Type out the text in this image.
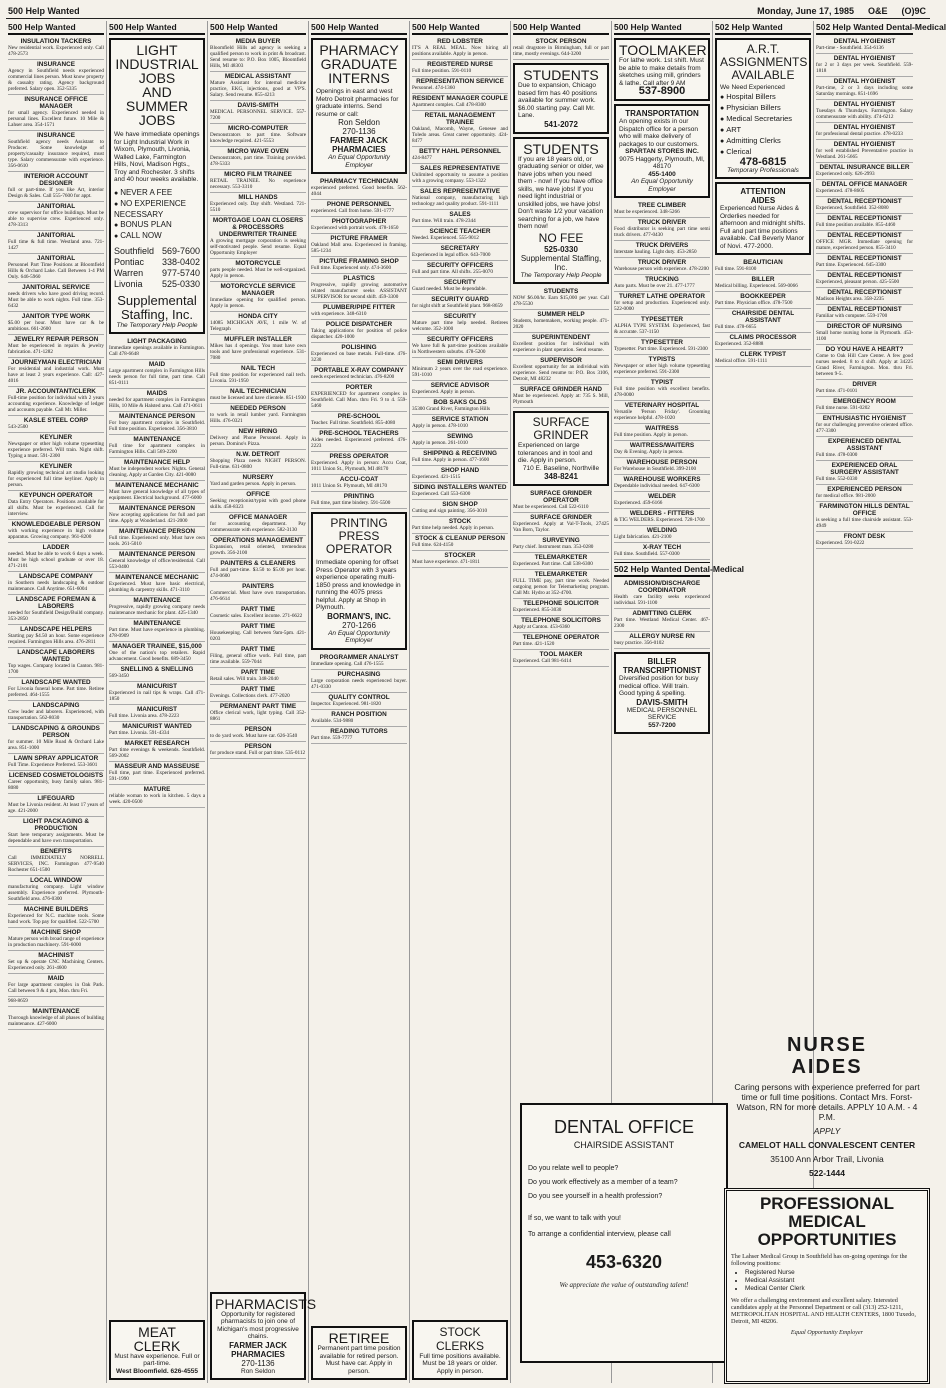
500 Help Wanted	Monday, June 17, 1985 O&E (O)9C
500 Help Wanted
INSULATION TACKERS
New residential work. Experienced only. Call 478-2573
INSURANCE
Agency in Southfield needs experienced commercial lines person. Must know property & casualty rating. Agency background preferred. Salary open. 352-5335
INSURANCE OFFICE MANAGER
for small agency. Experienced needed in personal lines. Excellent future. 10 Mile & Lahser area. 354-1571
INSURANCE
Southfield agency needs Assistant to Producer. Some knowledge of property/casualty insurance required, must type. Salary commensurate with experience. 356-0610
INTERIOR ACCOUNT DESIGNER
full or part-time. If you like Art, interior Design & Sales. Call 555-7600 for appt.
JANITORIAL
crew supervisor for office buildings. Must be able to supervise crew. Experienced only. 478-3313
JANITORIAL
Full time & full time. Westland area. 721-1427
JANITORIAL
Personnel Part Time Positions at Bloomfield Hills & Orchard Lake. Call Between 1-4 PM Only. 646-5960
JANITORIAL SERVICE
needs drivers who have good driving record. Must be able to work nights. Full time. 353-6432
JANITOR TYPE WORK
$5.00 per hour. Must have car & be ambitious. 661-2600
JEWELRY REPAIR PERSON
Must be experienced in repairs & jewelry fabrication. 471-1282
JOURNEYMAN ELECTRICIAN
For residential and industrial work. Must have at least 2 years experience. Call: 427-4016
JR. ACCOUNTANT/CLERK
Full-time position for individual with 2 years accounting experience. Knowledge of ledger and accounts payable. Call Mr. Miller.
KASLE STEEL CORP
543-2500
KEYLINER
Newspaper or other high volume typesetting experience preferred. Will train. Night shift. Typing a must. 591-2300
KEYLINER
Rapidly growing technical art studio looking for experienced full time keyliner. Apply in person.
KEYPUNCH OPERATOR
Data Entry Operators. Positions available for all shifts. Must be experienced. Call for interview.
KNOWLEDGEABLE PERSON
with working experience in high volume apparatus. Growing company. 961-8200
LADDER
needed. Must be able to work 6 days a week. Must be high school graduate or over 18. 471-2101
LANDSCAPE COMPANY
in Southern needs landscaping & outdoor maintenance. Call Anytime. 651-6004
LANDSCAPE FOREMAN & LABORERS
needed for Southfield Design/Build company. 353-2850
LANDSCAPE HELPERS
Starting pay $4.50 an hour. Some experience required. Farmington Hills area. 476-2811
LANDSCAPE LABORERS WANTED
Top wages. Company located in Canton. 981-1700
LANDSCAPE WANTED
For Livonia funeral home. Part time. Retiree preferred. 464-1555
LANDSCAPING
Crew leader and laborers. Experienced, with transportation. 562-8030
LANDSCAPING & GROUNDS PERSON
for summer. 10 Mile Road & Orchard Lake area. 851-1000
LAWN SPRAY APPLICATOR
Full Time. Experience Preferred. 553-3601
LICENSED COSMETOLOGISTS
Career opportunity, busy family salon. 981-8080
LIFEGUARD
Must be Livonia resident. At least 17 years of age. 421-2000
LIGHT PACKAGING & PRODUCTION
Start here temporary assignments. Must be dependable and have own transportation.
BENEFITS
Call IMMEDIATELY NORRELL SERVICES, INC. Farmington 477-9540 Rochester 651-1500
LOCAL WINDOW
manufacturing company. Light window assembly. Experience preferred. Plymouth-Southfield area. 476-0300
MACHINE BUILDERS
Experienced for N.C. machine tools. Some hand work. Top pay for qualified. 522-5700
MACHINE SHOP
Mature person with broad range of experience in production machinery. 591-6000
MACHINIST
Set up & operate CNC Machining Centers. Experienced only. 261-4600
MAID
For large apartment complex in Oak Park. Call between 9 & 4 pm, Mon. thru Fri.
968-8659
MAINTENANCE
Thorough knowledge of all phases of building maintenance. 427-6000
500 Help Wanted
LIGHT
INDUSTRIAL
JOBS
AND
SUMMER
JOBS
We have immediate openings for Light Industrial Work in Wixom, Plymouth, Livonia, Walled Lake, Farmington Hills, Novi, Madison Hgts., Troy and Rochester. 3 shifts and 40 hour weeks available.
● NEVER A FEE
● NO EXPERIENCE NECESSARY
● BONUS PLAN
● CALL NOW
Southfield 569-7600
Pontiac 338-0402
Warren 977-5740
Livonia 525-0330
Supplemental Staffing, Inc.
The Temporary Help People
LIGHT PACKAGING
Immediate openings available in Farmington. Call 478-6648
MAID
Large apartment complex in Farmington Hills needs person for full time, part time. Call 851-0111
MAIDS
needed for apartment complex in Farmington Hills, 10 Mile & Halsted area. Call 471-0611
MAINTENANCE PERSON
For busy apartment complex in Southfield. Full time position. Experienced. 356-3810
MAINTENANCE
Full time for apartment complex in Farmington Hills. Call 569-2200
MAINTENANCE HELP
Must be independent worker. Nights. General cleaning. Apply at Garden City. 421-0080
MAINTENANCE MECHANIC
Must have general knowledge of all types of equipment. Electrical background. 477-6000
MAINTENANCE PERSON
Now accepting applications for full and part time. Apply at Wonderland. 421-2000
MAINTENANCE PERSON
Full time. Experienced only. Must have own tools. 261-5010
MAINTENANCE PERSON
General knowledge of office/residential. Call 553-0400
MAINTENANCE MECHANIC
Experienced. Must have basic electrical, plumbing & carpentry skills. 471-3110
MAINTENANCE
Progressive, rapidly growing company needs maintenance mechanic for plant. 425-1340
MAINTENANCE
Part time. Must have experience in plumbing. 478-0909
MANAGER TRAINEE, $15,000
One of the nation's top retailers. Rapid advancement. Good benefits. 689-3450
SNELLING & SNELLING
569-3450
MANICURIST
Experienced in nail tips & wraps. Call 471-1850
MANICURIST
Full time. Livonia area. 478-2223
MANICURIST WANTED
Part time. Livonia. 591-4334
MARKET RESEARCH
Part time evenings & weekends. Southfield. 569-2002
MASSEUR AND MASSEUSE
Full time, part time. Experienced preferred. 591-1990
MATURE
reliable woman to work in kitchen. 5 days a week. 420-0500
MEAT CLERK
Must have experience. Full or part-time.
West Bloomfield. 626-4555
500 Help Wanted
MEDIA BUYER
Bloomfield Hills ad agency is seeking a qualified person to work in print & broadcast. Send resume to: P.O. Box 1005, Bloomfield Hills, MI 48303
MEDICAL ASSISTANT
Mature Assistant for internal medicine practice, EKG, injections, good at VP'S. Salary. Send resume. 855-4213
DAVIS-SMITH
MEDICAL PERSONNEL SERVICE. 557-7200
MICRO-COMPUTER
Demonstrators to part time. Software knowledge required. 421-5553
MICRO WAVE OVEN
Demonstrators, part time. Training provided. 478-5333
MICRO FILM TRAINEE
RETAIL TRAINEE. No experience necessary. 553-3310
MILL HANDS
Experienced only. Day shift. Westland. 721-5510
MORTGAGE LOAN CLOSERS & PROCESSORS UNDERWRITER TRAINEE
A growing mortgage corporation is seeking self-motivated people. Send resume. Equal Opportunity Employer
MOTORCYCLE
parts people needed. Must be well-organized. Apply in person.
MOTORCYCLE SERVICE MANAGER
Immediate opening for qualified person. Apply in person.
HONDA CITY
14085 MICHIGAN AVE, 1 mile W. of Telegraph
MUFFLER INSTALLER
Mikes has 4 openings. You must have own tools and have professional experience. 531-7080
NAIL TECH
Full time position for experienced nail tech. Livonia. 591-1950
NAIL TECHNICIAN
must be licensed and have clientele. 851-1930
NEEDED PERSON
to work in retail lumber yard. Farmington Hills. 476-0321
NEW HIRING
Delivery and Phone Personnel. Apply in person. Domino's Pizza.
N.W. DETROIT
Shopping Plaza needs NIGHT PERSON. Full-time. 631-0800
NURSERY
Yard and garden person. Apply in person.
OFFICE
Seeking receptionist/typist with good phone skills. 458-8323
OFFICE MANAGER
for accounting department. Pay commensurate with experience. 582-3130
OPERATIONS MANAGEMENT
Expansion, retail oriented, tremendous growth. 356-2100
PAINTERS & CLEANERS
Full and part-time. $3.50 to $5.00 per hour. 474-0600
PAINTERS
Commercial. Must have own transportation. 476-6614
PART TIME
Cosmetic sales. Excellent income. 271-6622
PART TIME
Housekeeping. Call between 9am-5pm. 421-0203
PART TIME
Filing, general office work. Full time, part time available. 559-7044
PART TIME
Retail sales. Will train. 348-2040
PART TIME
Evenings. Collections clerk. 477-2020
PERMANENT PART TIME
Office clerical work, light typing. Call 352-8861
PERSON
to do yard work. Must have car. 626-3540
PERSON
for produce stand. Full or part time. 535-0112
PHARMACISTS
Opportunity for registered pharmacists to join one of Michigan's most progressive chains.
FARMER JACK PHARMACIES
270-1136
Ron Seldon
500 Help Wanted
PHARMACY
GRADUATE
INTERNS
Openings in east and west Metro Detroit pharmacies for graduate interns. Send resume or call:
Ron Seldon
270-1136
FARMER JACK PHARMACIES
An Equal Opportunity Employer
PHARMACY TECHNICIAN
experienced preferred. Good benefits. 562-4044
PHONE PERSONNEL
experienced. Call from home. 591-1777
PHOTOGRAPHER
Experienced with portrait work. 478-1650
PICTURE FRAMER
Oakland Mall area. Experienced in framing. 585-1234
PICTURE FRAMING SHOP
Full time. Experienced only. 474-3600
PLASTICS
Progressive, rapidly growing automotive related manufacturer seeks ASSISTANT SUPERVISOR for second shift. 459-3300
PLUMBER/PIPE FITTER
with experience. 348-6310
POLICE DISPATCHER
Taking applications for position of police dispatcher. 420-1000
POLISHING
Experienced on base metals. Full-time. 476-3230
PORTABLE X-RAY COMPANY
needs experienced technician. 476-8200
PORTER
EXPERIENCED for apartment complex in Southfield. Call Mon. thru Fri. 9 to 4. 559-5460
PRE-SCHOOL
Teacher. Full time. Southfield. 855-4080
PRE-SCHOOL TEACHERS
Aides needed. Experienced preferred. 476-2223
PRESS OPERATOR
Experienced. Apply in person: Accu Coat, 1011 Union St., Plymouth, MI 48170
ACCU-COAT
1011 Union St. Plymouth, MI 48170
PRINTING
Full time, part time bindery. 591-5500
PRINTING
PRESS OPERATOR
Immediate opening for offset Press Operator with 3 years experience operating multi-1850 press and knowledge in running the 4075 press helpful. Apply at Shop in Plymouth.
BORMAN'S, INC.
270-1266
An Equal Opportunity Employer
PROGRAMMER ANALYST
Immediate opening. Call 476-1555
PURCHASING
Large corporation needs experienced buyer. 471-0330
QUALITY CONTROL
Inspector. Experienced. 981-1820
RANCH POSITION
Available. 534-9880
READING TUTORS
Part time. 559-7777
RETIREE
Permanent part time position available for retired person. Must have car. Apply in person.
500 Help Wanted
RED LOBSTER
IT'S A REAL MEAL. Now hiring all positions available. Apply in person.
REGISTERED NURSE
Full time position. 591-0110
REPRESENTATION SERVICE
Personnel. 474-1360
RESIDENT MANAGER COUPLE
Apartment complex. Call 478-8300
RETAIL MANAGEMENT TRAINEE
Oakland, Macomb, Wayne, Genesee and Toledo areas. Great career opportunity. 424-8477
BETTY HAHL PERSONNEL
424-8477
SALES REPRESENTATIVE
Unlimited opportunity to assume a position with a growing company. 553-1322
SALES REPRESENTATIVE
National company, manufacturing high technology and quality product. 591-1111
SALES
Part time. Will train. 478-2344
SCIENCE TEACHER
Needed. Experienced. 555-9012
SECRETARY
Experienced in legal office. 643-7000
SECURITY OFFICERS
Full and part time. All shifts. 255-0070
SECURITY
Guard needed. Must be dependable.
SECURITY GUARD
for night shift at Southfield plant. 968-8659
SECURITY
Mature part time help needed. Retirees welcome. 352-1000
SECURITY OFFICERS
We have full & part-time positions available in Northwestern suburbs. 478-5200
SEMI DRIVERS
Minimum 2 years over the road experience. 591-1010
SERVICE ADVISOR
Experienced. Apply in person.
BOB SAKS OLDS
35300 Grand River, Farmington Hills
SERVICE STATION
Apply in person. 478-1010
SEWING
Apply in person. 261-1010
SHIPPING & RECEIVING
Full time. Apply in person. 477-1600
SHOP HAND
Experienced. 421-1515
SIDING INSTALLERS WANTED
Experienced. Call 553-6300
SIGN SHOP
Cutting and sign painting. 356-3010
STOCK
Part time help needed. Apply in person.
STOCK & CLEANUP PERSON
Full time. 624-4150
STOCKER
Must have experience. 471-1811
STOCK CLERKS
Full time positions available. Must be 18 years or older. Apply in person.
500 Help Wanted
STOCK PERSON
retail drugstore in Birmingham, full or part time, mostly evenings. 644-3200
STUDENTS
Due to expansion, Chicago based firm has 40 positions available for summer work. $6.00 starting pay. Call Mr. Lane.
541-2072
STUDENTS
If you are 18 years old, or graduating senior or older, we have jobs when you need them - now! If you have office skills, we have jobs! If you need light industrial or unskilled jobs, we have jobs! Don't waste 1/2 your vacation searching for a job, we have them now!
NO FEE
525-0330
Supplemental Staffing, Inc.
The Temporary Help People
STUDENTS
NOW $6.00/hr. Earn $15,000 per year. Call 478-5530
SUMMER HELP
Students, homemakers, working people. 471-2020
SUPERINTENDENT
Excellent position for individual with experience in plant operation. Send resume.
SUPERVISOR
Excellent opportunity for an individual with experience. Send resume to: P.O. Box 3106, Detroit, MI 48232
SURFACE GRINDER HAND
Must be experienced. Apply at: 735 S. Mill, Plymouth
SURFACE
GRINDER
Experienced on large tolerances and in tool and die. Apply in person.
710 E. Baseline, Northville
348-8241
SURFACE GRINDER OPERATOR
Must be experienced. Call 522-6110
SURFACE GRINDER
Experienced. Apply at Val-T-Tools, 27425 Van Born, Taylor.
SURVEYING
Party chief. Instrument man. 353-0280
TELEMARKETER
Experienced. Part time. Call 538-6300
TELEMARKETER
FULL TIME pay, part time work. Needed outgoing person for Telemarketing program. Call Mr. Hydro at 352-4700.
TELEPHONE SOLICITOR
Experienced. 855-3030
TELEPHONE SOLICITORS
Apply at Canton. 453-6360
TELEPHONE OPERATOR
Part time. 421-1520
TOOL MAKER
Experienced. Call 981-6414
500 Help Wanted
TOOLMAKER
For lathe work. 1st shift. Must be able to make details from sketches using mill, grinders & lathe. Call after 9 AM
537-8900
TRANSPORTATION
An opening exists in our Dispatch office for a person who will make delivery of packages to our customers.
SPARTAN STORES INC.
9075 Haggerty, Plymouth, MI, 48170
455-1400
An Equal Opportunity Employer
TREE CLIMBER
Must be experienced. 348-5266
TRUCK DRIVER
Food distributor is seeking part time semi truck drivers. 477-0430
TRUCK DRIVERS
Interstate hauling. Light duty. 453-2850
TRUCK DRIVER
Warehouse person with experience. 478-2200
TRUCKING
Auto parts. Must be over 21. 477-1777
TURRET LATHE OPERATOR
for setup and production. Experienced only. 522-0000
TYPESETTER
ALPHA TYPE SYSTEM. Experienced, fast & accurate. 537-1150
TYPESETTER
Typesetter. Part time. Experienced. 591-2300
TYPISTS
Newspaper or other high volume typesetting experience preferred. 591-2300
TYPIST
Full time position with excellent benefits. 478-0000
VETERINARY HOSPITAL
Versatile 'Person Friday'. Grooming experience helpful. 478-1020
WAITRESS
Full time position. Apply in person.
WAITRESS/WAITERS
Day & Evening. Apply in person.
WAREHOUSE PERSON
For Warehouse in Southfield. 399-2100
WAREHOUSE WORKERS
Dependable individual needed. 647-6300
WELDER
Experienced. 459-6166
WELDERS - FITTERS
& TIG WELDERS. Experienced. 728-1700
WELDING
Light fabrication. 421-2100
X-RAY TECH
Full time. Southfield. 557-0300
502 Help Wanted Dental-Medical
ADMISSION/DISCHARGE COORDINATOR
Health care facility seeks experienced individual. 591-1100
ADMITTING CLERK
Part time. Westland Medical Center. 467-2300
ALLERGY NURSE RN
busy practice. 356-0102
BILLER TRANSCRIPTIONIST
Diversified position for busy medical office. Will train. Good typing & spelling.
DAVIS-SMITH
MEDICAL PERSONNEL SERVICE
557-7200
502 Help Wanted
A.R.T.
ASSIGNMENTS
AVAILABLE
We Need Experienced
● Hospital Billers
● Physician Billers
● Medical Secretaries
● ART
● Admitting Clerks
● Clerical
478-6815
Temporary Professionals
ATTENTION
AIDES
Experienced Nurse Aides & Orderlies needed for afternoon and midnight shifts. Full and part time positions available. Call Beverly Manor of Novi. 477-2000.
BEAUTICIAN
Full time. 591-8100
BILLER
Medical billing. Experienced. 569-0066
BOOKKEEPER
Part time. Physician office. 478-7500
CHAIRSIDE DENTAL ASSISTANT
Full time. 478-6655
CLAIMS PROCESSOR
Experienced. 352-8888
CLERK TYPIST
Medical office. 591-1111
502 Help Wanted Dental-Medical
DENTAL HYGIENIST
Part-time - Southfield. 354-6136
DENTAL HYGIENIST
for 2 or 3 days per week. Southfield. 559-1818
DENTAL HYGIENIST
Part-time, 2 or 3 days including some Saturday mornings. 851-1696
DENTAL HYGIENIST
Tuesdays & Thursdays. Farmington. Salary commensurate with ability. 474-6212
DENTAL HYGIENIST
for professional dental practice. 478-0233
DENTAL HYGIENIST
for well established Preventative practice in Westland. 261-5665
DENTAL INSURANCE BILLER
Experienced only. 626-2993
DENTAL OFFICE MANAGER
Experienced. 478-8605
DENTAL RECEPTIONIST
Experienced, Southfield. 352-8080
DENTAL RECEPTIONIST
Full time position available. 855-4460
DENTAL RECEPTIONIST
OFFICE MGR. Immediate opening for mature, experienced person. 855-3410
DENTAL RECEPTIONIST
Part time. Experienced. 645-3300
DENTAL RECEPTIONIST
Experienced, pleasant person. 425-5500
DENTAL RECEPTIONIST
Madison Heights area. 358-2235
DENTAL RECEPTIONIST
Familiar with computer. 559-1700
DIRECTOR OF NURSING
Small home nursing home in Plymouth. 453-1100
DO YOU HAVE A HEART?
Come to Oak Hill Care Center. A few good nurses needed. 8 to 4 shift. Apply at 34225 Grand River, Farmington. Mon. thru Fri. between 9-5.
DRIVER
Part time. 471-0101
EMERGENCY ROOM
Full time nurse. 591-0202
ENTHUSIASTIC HYGIENIST
for our challenging preventive oriented office. 477-3300
EXPERIENCED DENTAL ASSISTANT
Full time. 478-0300
EXPERIENCED ORAL SURGERY ASSISTANT
Full time. 552-0330
EXPERIENCED PERSON
for medical office. 981-2000
FARMINGTON HILLS DENTAL OFFICE
is seeking a full time chairside assistant. 553-4949
FRONT DESK
Experienced. 591-0222
DENTAL OFFICE
CHAIRSIDE ASSISTANT
Do you relate well to people?
Do you work effectively as a member of a team?
Do you see yourself in a health profession?
If so, we want to talk with you!
To arrange a confidential interview, please call
453-6320
We appreciate the value of outstanding talent!
NURSE
AIDES
Caring persons with experience preferred for part time or full time positions. Contact Mrs. Forst-Watson, RN for more details. APPLY 10 A.M. - 4 P.M.
APPLY
CAMELOT HALL CONVALESCENT CENTER
35100 Ann Arbor Trail, Livonia
522-1444
PROFESSIONAL
MEDICAL
OPPORTUNITIES
The Lahser Medical Group in Southfield has on-going openings for the following positions:
• Registered Nurse
• Medical Assistant
• Medical Center Clerk
We offer a challenging environment and excellent salary. Interested candidates apply at the Personnel Department or call (313) 252-1211, METROPOLITAN HOSPITAL AND HEALTH CENTERS, 1800 Tuxedo, Detroit, MI 48206.
Equal Opportunity Employer
